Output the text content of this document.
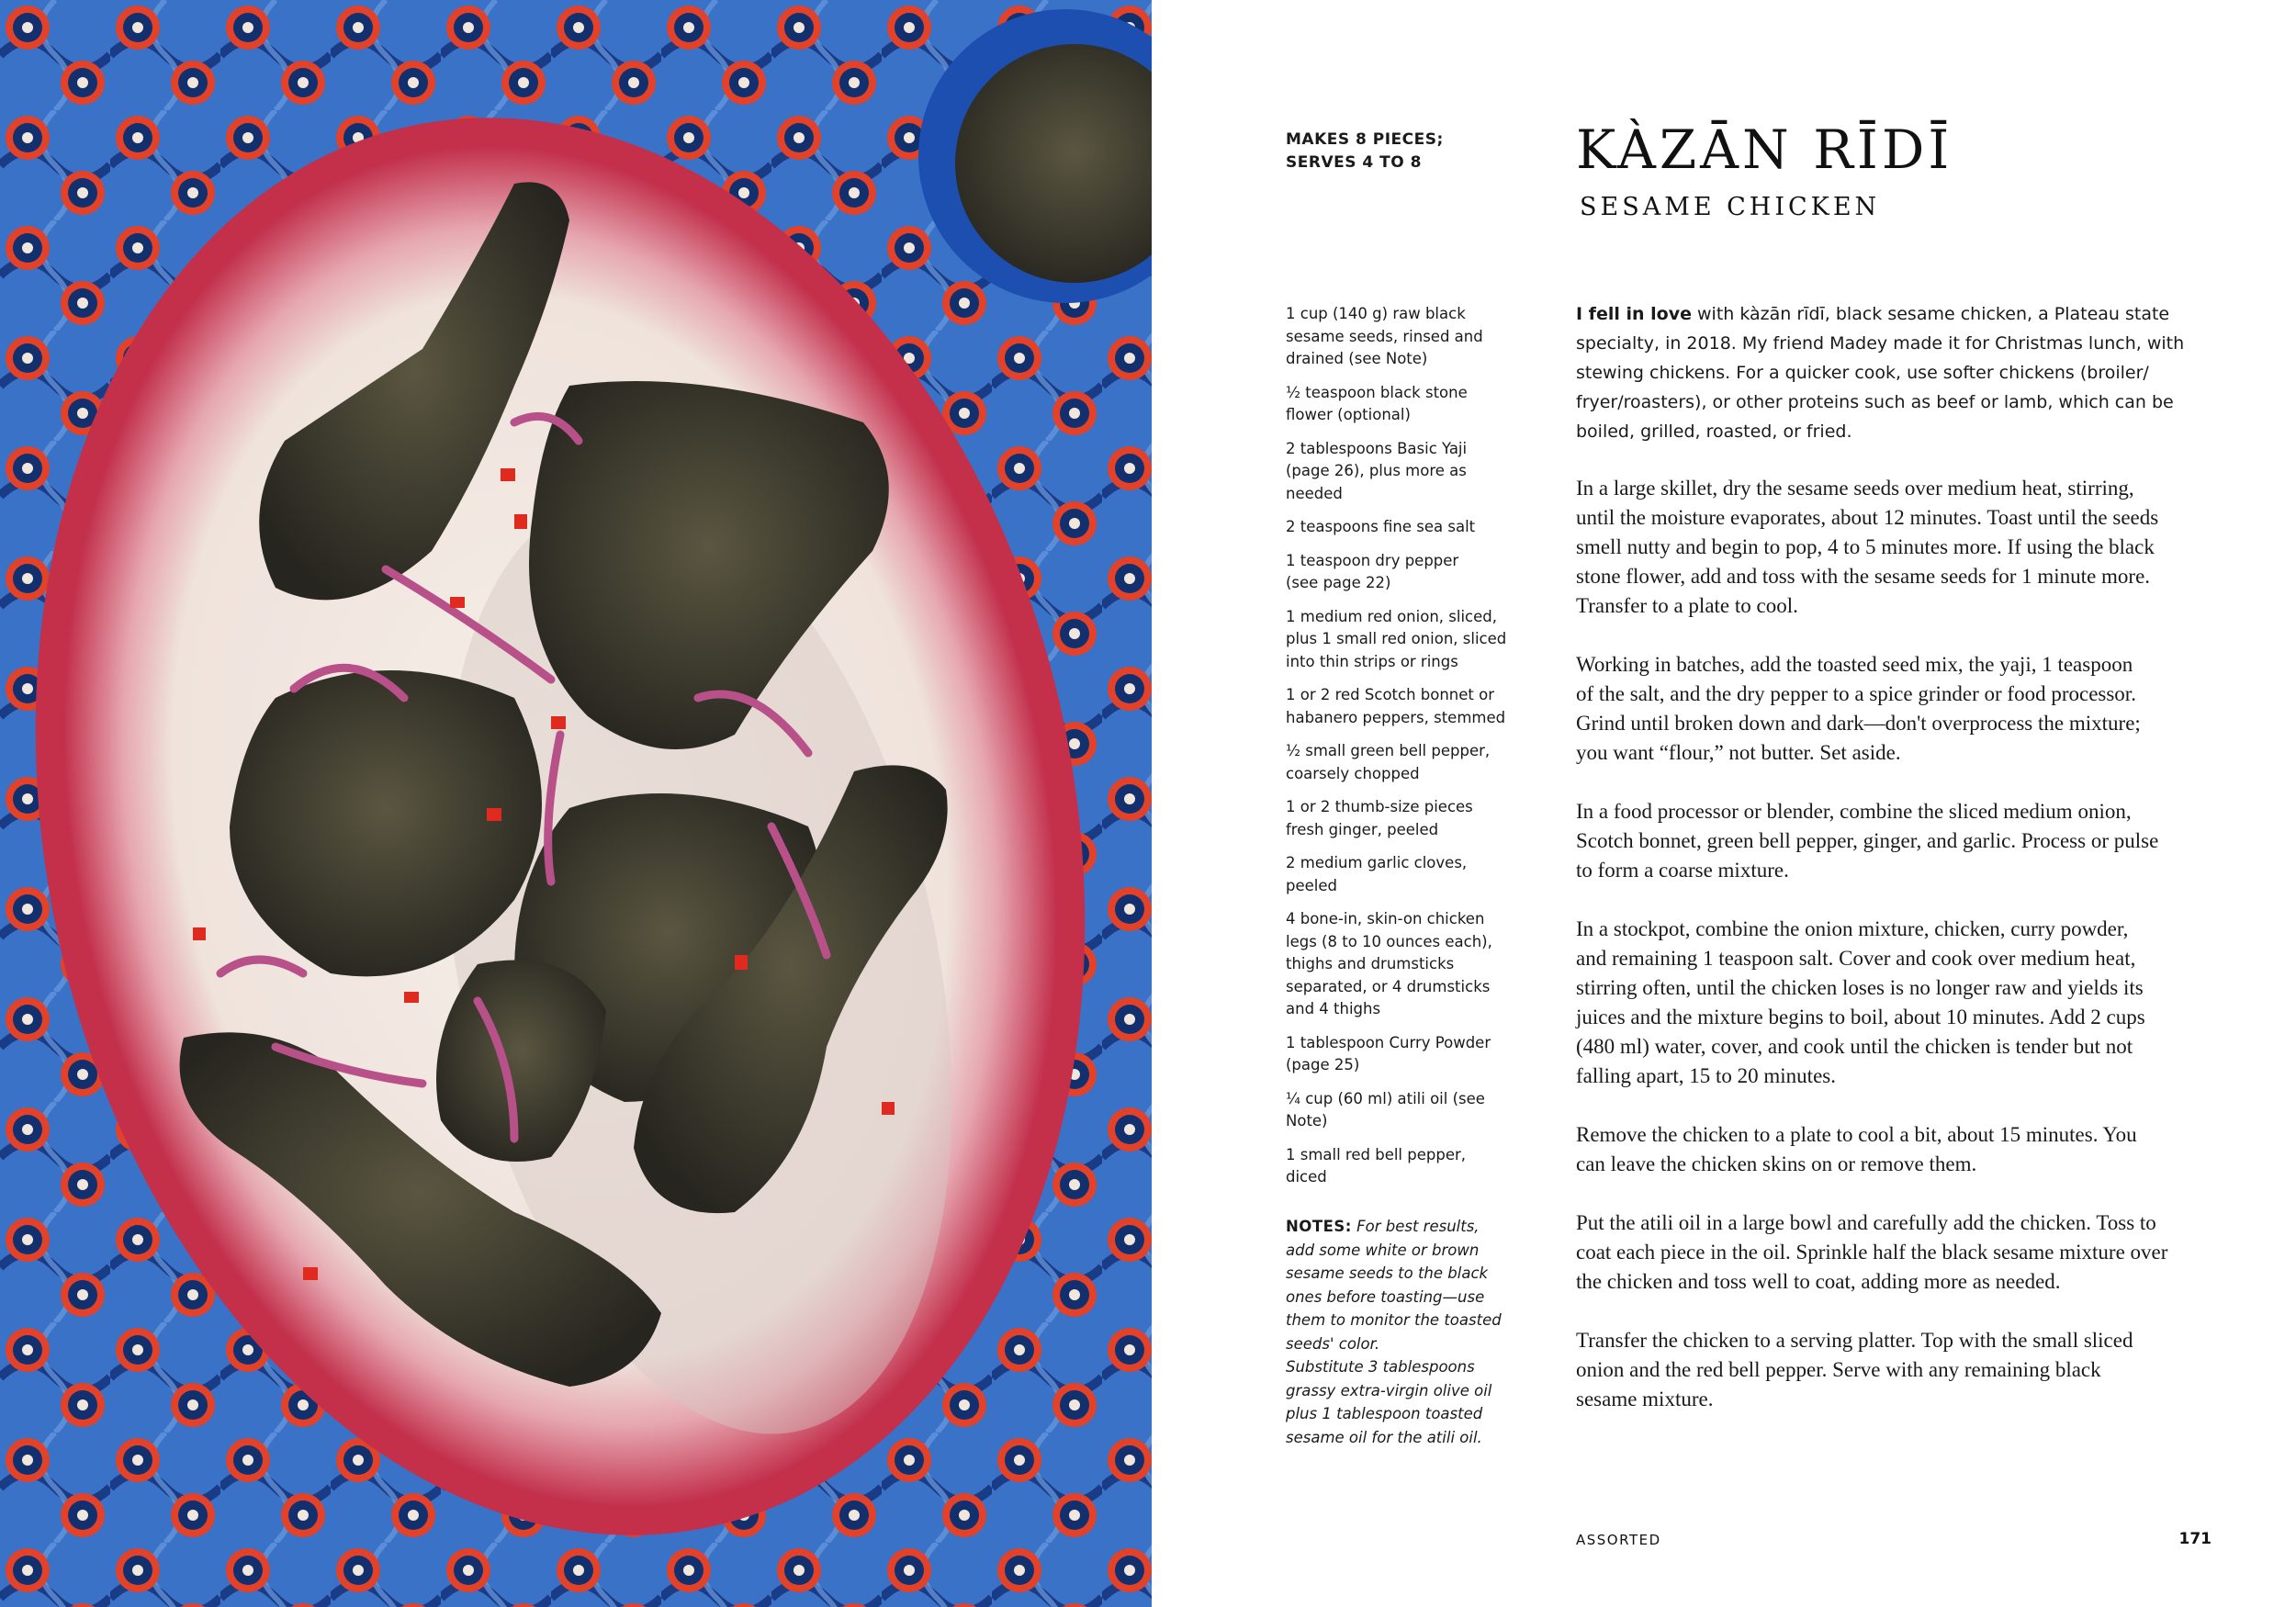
MAKES 8 PIECES;
SERVES 4 TO 8	KÀZĀN RĪDĪ
SESAME CHICKEN
1 cup (140 g) raw black
sesame seeds, rinsed and
drained (see Note)
½ teaspoon black stone
flower (optional)
2 tablespoons Basic Yaji
(page 26), plus more as
needed
2 teaspoons fine sea salt
1 teaspoon dry pepper
(see page 22)
1 medium red onion, sliced,
plus 1 small red onion, sliced
into thin strips or rings
1 or 2 red Scotch bonnet or
habanero peppers, stemmed
½ small green bell pepper,
coarsely chopped
1 or 2 thumb-size pieces
fresh ginger, peeled
2 medium garlic cloves,
peeled
4 bone-in, skin-on chicken
legs (8 to 10 ounces each),
thighs and drumsticks
separated, or 4 drumsticks
and 4 thighs
1 tablespoon Curry Powder
(page 25)
¼ cup (60 ml) atili oil (see
Note)
1 small red bell pepper,
diced
NOTES: For best results,
add some white or brown
sesame seeds to the black
ones before toasting—use
them to monitor the toasted
seeds' color.
Substitute 3 tablespoons
grassy extra-virgin olive oil
plus 1 tablespoon toasted
sesame oil for the atili oil.
I fell in love with kàzān rīdī, black sesame chicken, a Plateau state
specialty, in 2018. My friend Madey made it for Christmas lunch, with
stewing chickens. For a quicker cook, use softer chickens (broiler/
fryer/roasters), or other proteins such as beef or lamb, which can be
boiled, grilled, roasted, or fried.
In a large skillet, dry the sesame seeds over medium heat, stirring,
until the moisture evaporates, about 12 minutes. Toast until the seeds
smell nutty and begin to pop, 4 to 5 minutes more. If using the black
stone flower, add and toss with the sesame seeds for 1 minute more.
Transfer to a plate to cool.
Working in batches, add the toasted seed mix, the yaji, 1 teaspoon
of the salt, and the dry pepper to a spice grinder or food processor.
Grind until broken down and dark—don't overprocess the mixture;
you want “flour,” not butter. Set aside.
In a food processor or blender, combine the sliced medium onion,
Scotch bonnet, green bell pepper, ginger, and garlic. Process or pulse
to form a coarse mixture.
In a stockpot, combine the onion mixture, chicken, curry powder,
and remaining 1 teaspoon salt. Cover and cook over medium heat,
stirring often, until the chicken loses is no longer raw and yields its
juices and the mixture begins to boil, about 10 minutes. Add 2 cups
(480 ml) water, cover, and cook until the chicken is tender but not
falling apart, 15 to 20 minutes.
Remove the chicken to a plate to cool a bit, about 15 minutes. You
can leave the chicken skins on or remove them.
Put the atili oil in a large bowl and carefully add the chicken. Toss to
coat each piece in the oil. Sprinkle half the black sesame mixture over
the chicken and toss well to coat, adding more as needed.
Transfer the chicken to a serving platter. Top with the small sliced
onion and the red bell pepper. Serve with any remaining black
sesame mixture.
ASSORTED	171
